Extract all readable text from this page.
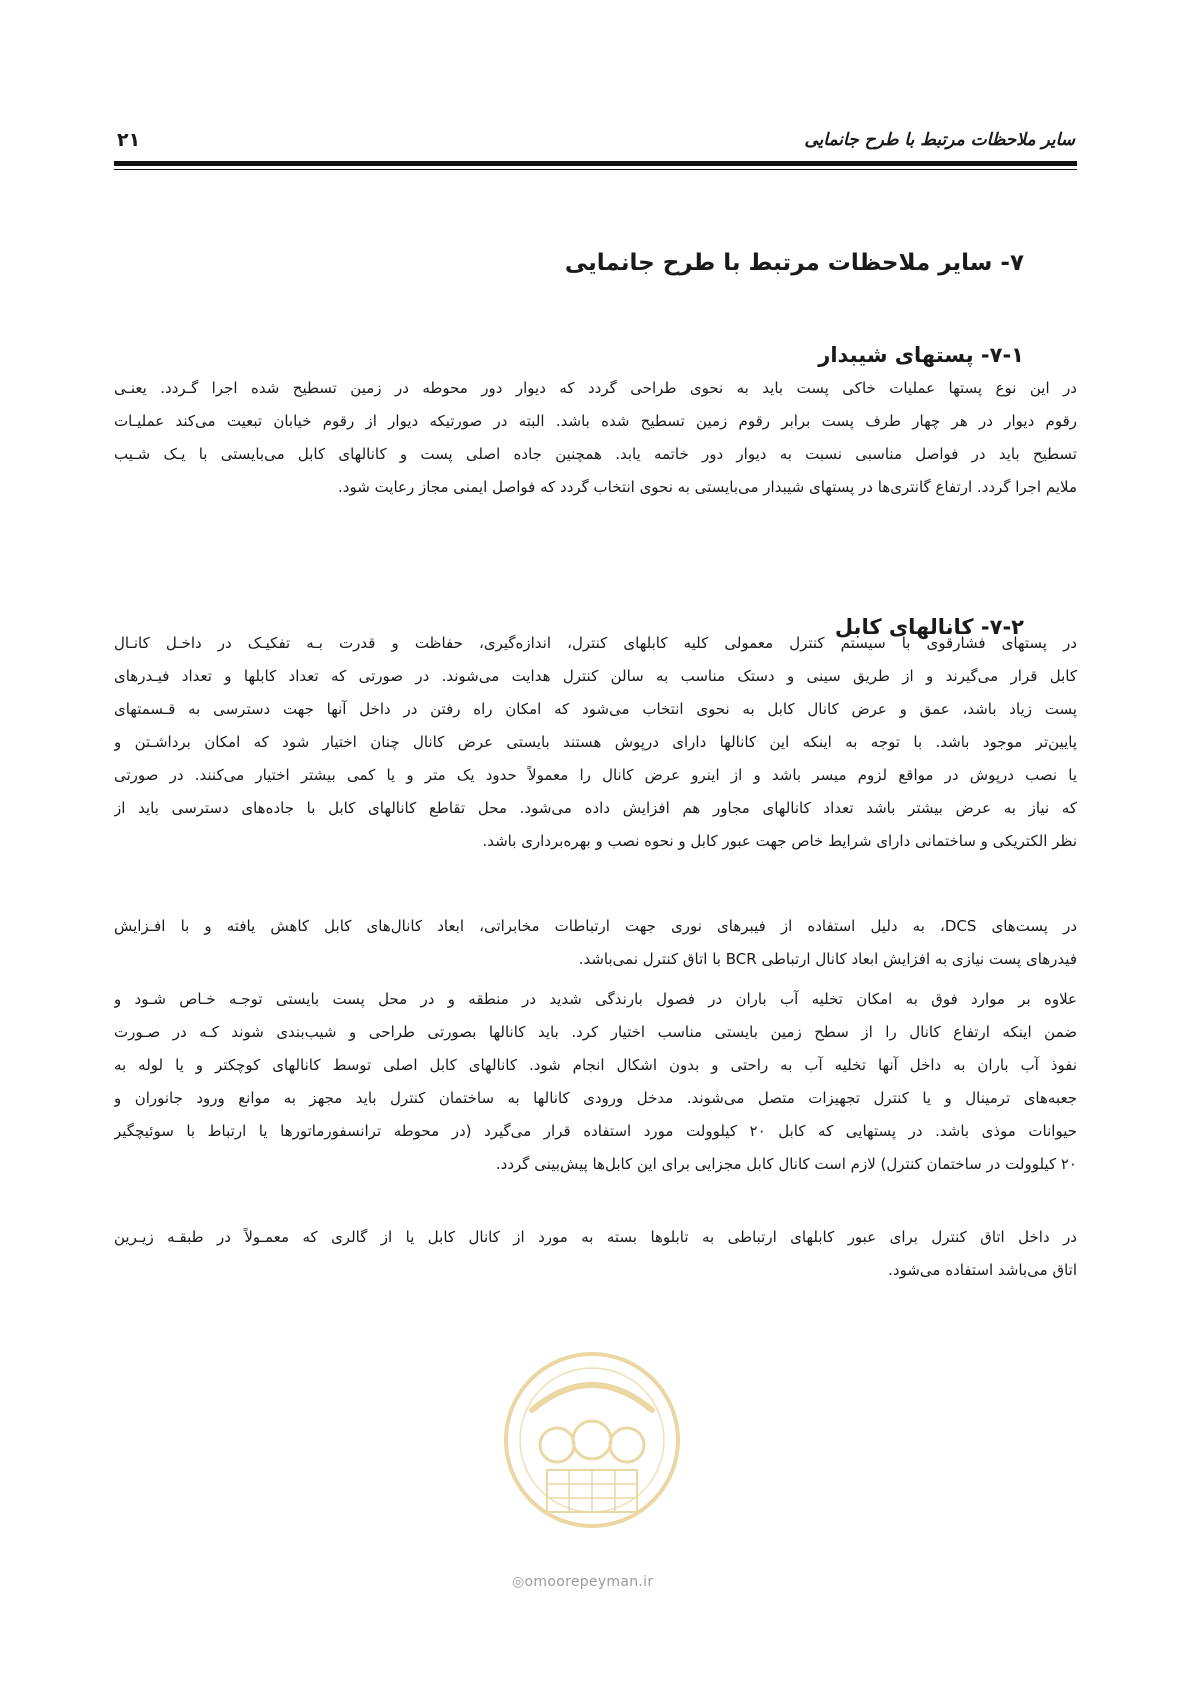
سایر ملاحظات مرتبط با طرح جانمایی
۲۱
۷- سایر ملاحظات مرتبط با طرح جانمایی
۷-۱- پستهای شیبدار
در این نوع پستها عملیات خاکی پست باید به نحوی طراحی گردد که دیوار دور محوطه در زمین تسطیح شده اجرا گـردد. یعنـی
رقوم دیوار در هر چهار طرف پست برابر رقوم زمین تسطیح شده باشد. البته در صورتیکه دیوار از رقوم خیابان تبعیت می‌کند عملیـات
تسطیح باید در فواصل مناسبی نسبت به دیوار دور خاتمه یابد. همچنین جاده اصلی پست و کانالهای کابل می‌بایستی با یـک شـیب
ملایم اجرا گردد. ارتفاع گانتری‌ها در پستهای شیبدار می‌بایستی به نحوی انتخاب گردد که فواصل ایمنی مجاز رعایت شود.
۷-۲- کانالهای کابل
در پستهای فشارقوی با سیستم کنترل معمولی کلیه کابلهای کنترل، اندازه‌گیری، حفاظت و قدرت بـه تفکیـک در داخـل کانـال
کابل قرار می‌گیرند و از طریق سینی و دستک مناسب به سالن کنترل هدایت می‌شوند. در صورتی که تعداد کابلها و تعداد فیـدرهای
پست زیاد باشد، عمق و عرض کانال کابل به نحوی انتخاب می‌شود که امکان راه رفتن در داخل آنها جهت دسترسی به قـسمتهای
پایین‌تر موجود باشد. با توجه به اینکه این کانالها دارای درپوش هستند بایستی عرض کانال چنان اختیار شود که امکان برداشـتن و
یا نصب درپوش در مواقع لزوم میسر باشد و از اینرو عرض کانال را معمولاً حدود یک متر و یا کمی بیشتر اختیار می‌کنند. در صورتی
که نیاز به عرض بیشتر باشد تعداد کانالهای مجاور هم افزایش داده می‌شود. محل تقاطع کانالهای کابل با جاده‌های دسترسی باید از
نظر الکتریکی و ساختمانی دارای شرایط خاص جهت عبور کابل و نحوه نصب و بهره‌برداری باشد.
در پست‌های DCS، به دلیل استفاده از فیبرهای نوری جهت ارتباطات مخابراتی، ابعاد کانال‌های کابل کاهش یافته و با افـزایش
فیدرهای پست نیازی به افزایش ابعاد کانال ارتباطی BCR با اتاق کنترل نمی‌باشد.
علاوه بر موارد فوق به امکان تخلیه آب باران در فصول بارندگی شدید در منطقه و در محل پست بایستی توجـه خـاص شـود و
ضمن اینکه ارتفاع کانال را از سطح زمین بایستی مناسب اختیار کرد. باید کانالها بصورتی طراحی و شیب‌بندی شوند کـه در صـورت
نفوذ آب باران به داخل آنها تخلیه آب به راحتی و بدون اشکال انجام شود. کانالهای کابل اصلی توسط کانالهای کوچکتر و یا لوله به
جعبه‌های ترمینال و یا کنترل تجهیزات متصل می‌شوند. مدخل ورودی کانالها به ساختمان کنترل باید مجهز به موانع ورود جانوران و
حیوانات موذی باشد. در پستهایی که کابل ۲۰ کیلوولت مورد استفاده قرار می‌گیرد (در محوطه ترانسفورماتورها یا ارتباط با سوئیچگیر
۲۰ کیلوولت در ساختمان کنترل) لازم است کانال کابل مجزایی برای این کابل‌ها پیش‌بینی گردد.
در داخل اتاق کنترل برای عبور کابلهای ارتباطی به تابلوها بسته به مورد از کانال کابل یا از گالری که معمـولاً در طبقـه زیـرین
اتاق می‌باشد استفاده می‌شود.
◎omoorepeyman.ir
